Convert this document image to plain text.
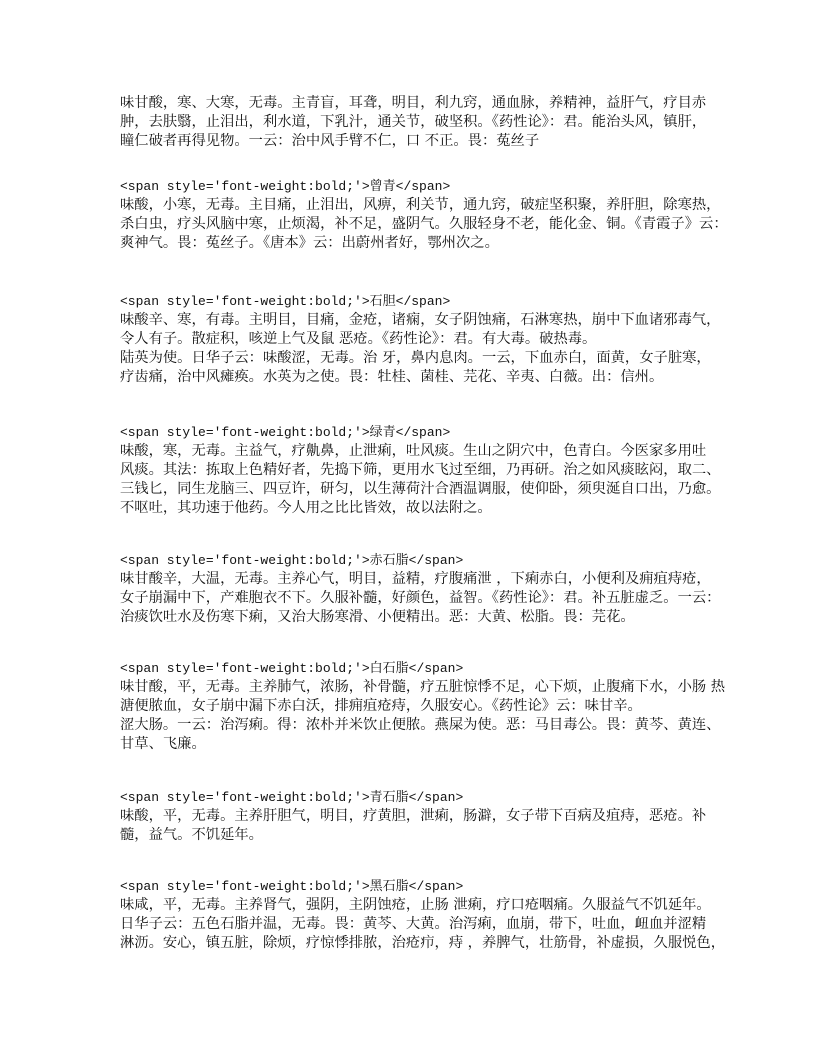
味甘酸，寒、大寒，无毒。主青盲，耳聋，明目，利九窍，通血脉，养精神，益肝气，疗目赤
肿，去肤翳，止泪出，利水道，下乳汁，通关节，破坚积。《药性论》：君。能治头风，镇肝，
瞳仁破者再得见物。一云：治中风手臂不仁，口 不正。畏：菟丝子
<span style='font-weight:bold;'>曾青</span>
味酸，小寒，无毒。主目痛，止泪出，风痹，利关节，通九窍，破症坚积聚，养肝胆，除寒热，
杀白虫，疗头风脑中寒，止烦渴，补不足，盛阴气。久服轻身不老，能化金、铜。《青霞子》云：
爽神气。畏：菟丝子。《唐本》云：出蔚州者好，鄂州次之。
<span style='font-weight:bold;'>石胆</span>
味酸辛、寒，有毒。主明目，目痛，金疮，诸痫，女子阴蚀痛，石淋寒热，崩中下血诸邪毒气，
令人有子。散症积，咳逆上气及鼠 恶疮。《药性论》：君。有大毒。破热毒。
陆英为使。日华子云：味酸涩，无毒。治 牙，鼻内息肉。一云，下血赤白，面黄，女子脏寒，
疗齿痛，治中风瘫痪。水英为之使。畏：牡桂、菌桂、芫花、辛夷、白薇。出：信州。
<span style='font-weight:bold;'>绿青</span>
味酸，寒，无毒。主益气，疗鼽鼻，止泄痢，吐风痰。生山之阴穴中，色青白。今医家多用吐
风痰。其法：拣取上色精好者，先捣下筛，更用水飞过至细，乃再研。治之如风痰眩闷，取二、
三钱匕，同生龙脑三、四豆许，研匀，以生薄荷汁合酒温调服，使仰卧，须臾涎自口出，乃愈。
不呕吐，其功速于他药。今人用之比比皆效，故以法附之。
<span style='font-weight:bold;'>赤石脂</span>
味甘酸辛，大温，无毒。主养心气，明目，益精，疗腹痛泄 ，下痢赤白，小便利及痈疽痔疮，
女子崩漏中下，产难胞衣不下。久服补髓，好颜色，益智。《药性论》：君。补五脏虚乏。一云：
治痰饮吐水及伤寒下痢，又治大肠寒滑、小便精出。恶：大黄、松脂。畏：芫花。
<span style='font-weight:bold;'>白石脂</span>
味甘酸，平，无毒。主养肺气，浓肠，补骨髓，疗五脏惊悸不足，心下烦，止腹痛下水，小肠 热
溏便脓血，女子崩中漏下赤白沃，排痈疽疮痔，久服安心。《药性论》云：味甘辛。
涩大肠。一云：治泻痢。得：浓朴并米饮止便脓。燕屎为使。恶：马目毒公。畏：黄芩、黄连、
甘草、飞廉。
<span style='font-weight:bold;'>青石脂</span>
味酸，平，无毒。主养肝胆气，明目，疗黄胆，泄痢，肠澼，女子带下百病及疽痔，恶疮。补
髓，益气。不饥延年。
<span style='font-weight:bold;'>黑石脂</span>
味咸，平，无毒。主养肾气，强阴，主阴蚀疮，止肠 泄痢，疗口疮咽痛。久服益气不饥延年。
日华子云：五色石脂并温，无毒。畏：黄芩、大黄。治泻痢，血崩，带下，吐血，衄血并涩精
淋沥。安心，镇五脏，除烦，疗惊悸排脓，治疮疖，痔 ，养脾气，壮筋骨，补虚损，久服悦色，
